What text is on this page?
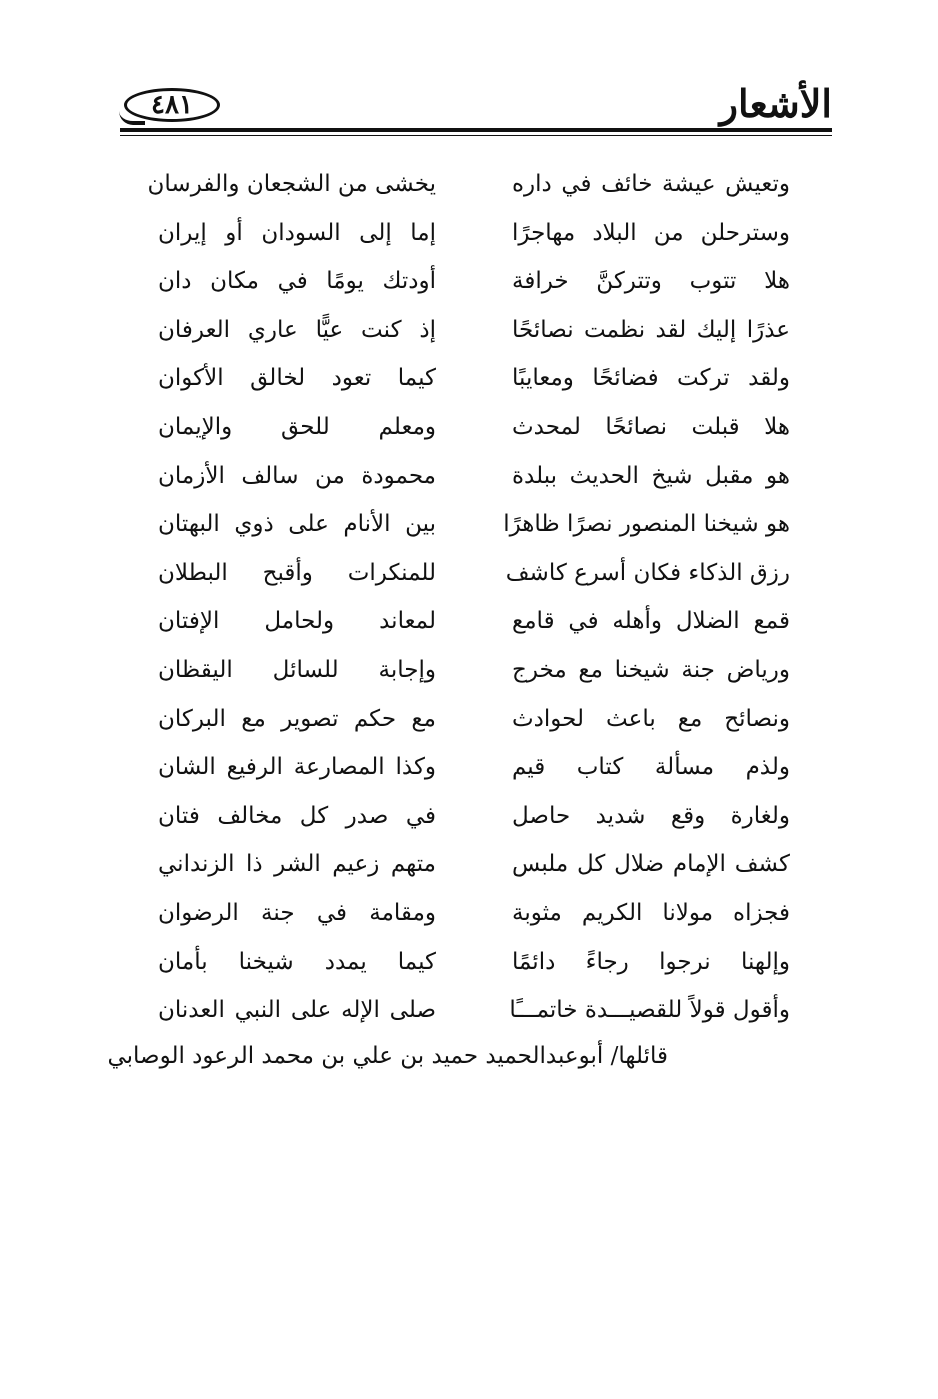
الأشعار
٤٨١
وتعيش عيشة خائف في داره
يخشى من الشجعان والفرسان
وسترحلن من البلاد مهاجرًا
إما إلى السودان أو إيران
هلا تتوب وتتركنَّ خرافة
أودتك يومًا في مكان دان
عذرًا إليك لقد نظمت نصائحًا
إذ كنت عيًّا عاري العرفان
ولقد تركت فضائحًا ومعايبًا
كيما تعود لخالق الأكوان
هلا قبلت نصائحًا لمحدث
ومعلم للحق والإيمان
هو مقبل شيخ الحديث ببلدة
محمودة من سالف الأزمان
هو شيخنا المنصور نصرًا ظاهرًا
بين الأنام على ذوي البهتان
رزق الذكاء فكان أسرع كاشف
للمنكرات وأقبح البطلان
قمع الضلال وأهله في قامع
لمعاند ولحامل الإفتان
ورياض جنة شيخنا مع مخرج
وإجابة للسائل اليقظان
ونصائح مع باعث لحوادث
مع حكم تصوير مع البركان
ولذم مسألة كتاب قيم
وكذا المصارعة الرفيع الشان
ولغارة وقع شديد حاصل
في صدر كل مخالف فتان
كشف الإمام ضلال كل ملبس
متهم زعيم الشر ذا الزنداني
فجزاه مولانا الكريم مثوبة
ومقامة في جنة الرضوان
وإلهنا نرجوا رجاءً دائمًا
كيما يمدد شيخنا بأمان
وأقول قولاً للقصيـــدة خاتمـــًا
صلى الإله على النبي العدنان
قائلها/ أبوعبدالحميد حميد بن علي بن محمد الرعود الوصابي
